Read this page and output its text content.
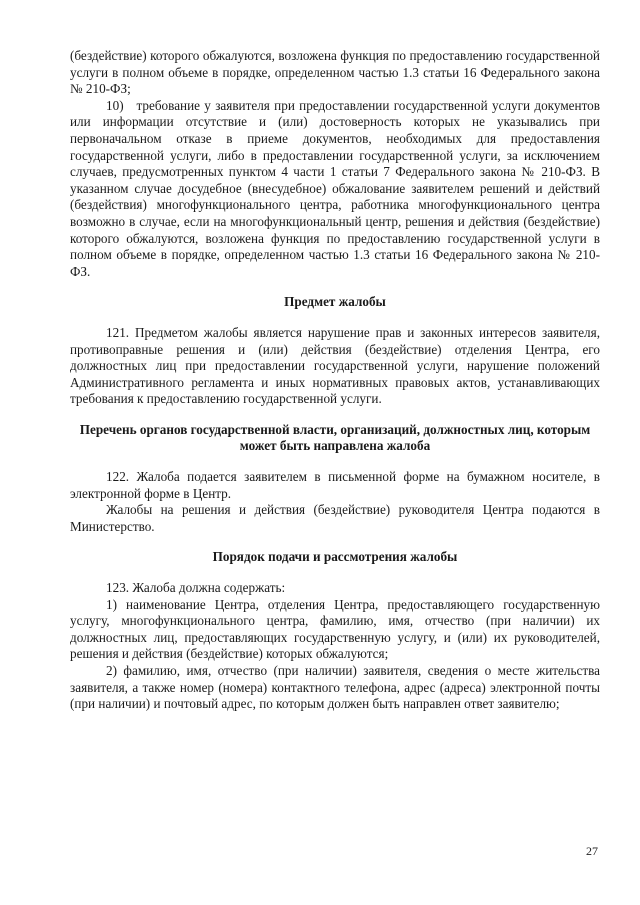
(бездействие) которого обжалуются, возложена функция по предоставлению государственной услуги в полном объеме в порядке, определенном частью 1.3 статьи 16 Федерального закона № 210-ФЗ;

10)   требование у заявителя при предоставлении государственной услуги документов или информации отсутствие и (или) достоверность которых не указывались при первоначальном отказе в приеме документов, необходимых для предоставления государственной услуги, либо в предоставлении государственной услуги, за исключением случаев, предусмотренных пунктом 4 части 1 статьи 7 Федерального закона № 210-ФЗ. В указанном случае досудебное (внесудебное) обжалование заявителем решений и действий (бездействия) многофункционального центра, работника многофункционального центра возможно в случае, если на многофункциональный центр, решения и действия (бездействие) которого обжалуются, возложена функция по предоставлению государственной услуги в полном объеме в порядке, определенном частью 1.3 статьи 16 Федерального закона № 210-ФЗ.

Предмет жалобы

121. Предметом жалобы является нарушение прав и законных интересов заявителя, противоправные решения и (или) действия (бездействие) отделения Центра, его должностных лиц при предоставлении государственной услуги, нарушение положений Административного регламента и иных нормативных правовых актов, устанавливающих требования к предоставлению государственной услуги.

Перечень органов государственной власти, организаций, должностных лиц, которым может быть направлена жалоба

122. Жалоба подается заявителем в письменной форме на бумажном носителе, в электронной форме в Центр.

Жалобы на решения и действия (бездействие) руководителя Центра подаются в Министерство.

Порядок подачи и рассмотрения жалобы

123. Жалоба должна содержать:

1) наименование Центра, отделения Центра, предоставляющего государственную услугу, многофункционального центра, фамилию, имя, отчество (при наличии) их должностных лиц, предоставляющих государственную услугу, и (или) их руководителей, решения и действия (бездействие) которых обжалуются;

2) фамилию, имя, отчество (при наличии) заявителя, сведения о месте жительства заявителя, а также номер (номера) контактного телефона, адрес (адреса) электронной почты (при наличии) и почтовый адрес, по которым должен быть направлен ответ заявителю;

27
